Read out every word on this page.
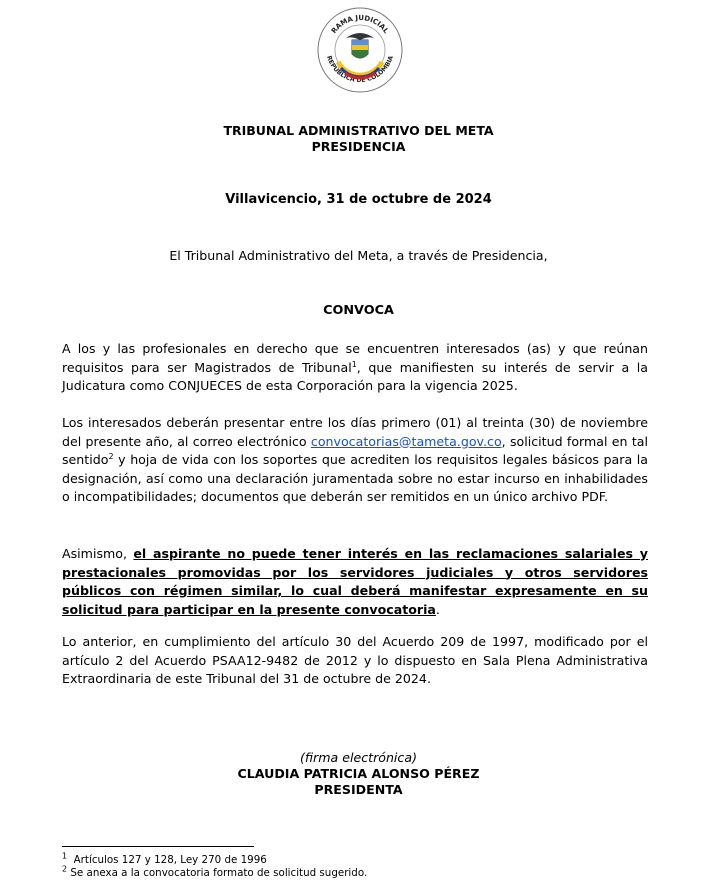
RAMA JUDICIAL
REPÚBLICA DE COLOMBIA
TRIBUNAL ADMINISTRATIVO DEL META
PRESIDENCIA
Villavicencio, 31 de octubre de 2024
El Tribunal Administrativo del Meta, a través de Presidencia,
CONVOCA
A los y las profesionales en derecho que se encuentren interesados (as) y que reúnan requisitos para ser Magistrados de Tribunal$^1$, que manifiesten su interés de servir a la Judicatura como CONJUECES de esta Corporación para la vigencia 2025.
Los interesados deberán presentar entre los días primero (01) al treinta (30) de noviembre del presente año, al correo electrónico convocatorias@tameta.gov.co, solicitud formal en tal sentido$^2$ y hoja de vida con los soportes que acrediten los requisitos legales básicos para la designación, así como una declaración juramentada sobre no estar incurso en inhabilidades o incompatibilidades; documentos que deberán ser remitidos en un único archivo PDF.
Asimismo, el aspirante no puede tener interés en las reclamaciones salariales y prestacionales promovidas por los servidores judiciales y otros servidores públicos con régimen similar, lo cual deberá manifestar expresamente en su solicitud para participar en la presente convocatoria.
Lo anterior, en cumplimiento del artículo 30 del Acuerdo 209 de 1997, modificado por el artículo 2 del Acuerdo PSAA12-9482 de 2012 y lo dispuesto en Sala Plena Administrativa Extraordinaria de este Tribunal del 31 de octubre de 2024.
(firma electrónica)
CLAUDIA PATRICIA ALONSO PÉREZ
PRESIDENTA
$^1$ Artículos 127 y 128, Ley 270 de 1996
$^2$ Se anexa a la convocatoria formato de solicitud sugerido.
